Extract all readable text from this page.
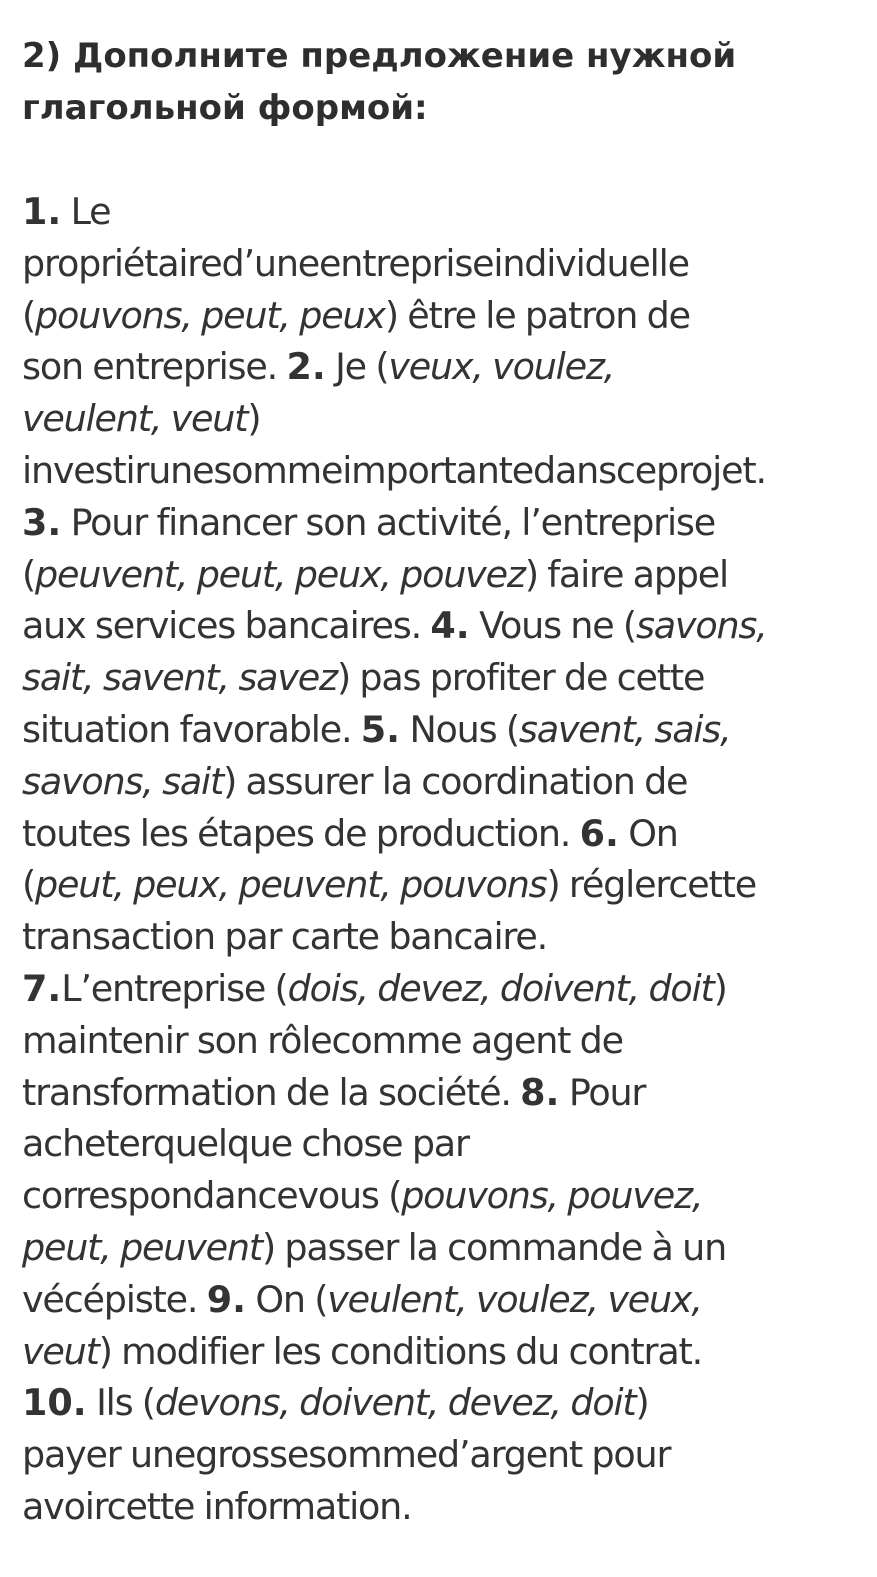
2) Дополните предложение нужной
глагольной формой:
1. Le
propriétaired’uneentrepriseindividuelle
(pouvons, peut, peux) être le patron de
son entreprise. 2. Je (veux, voulez,
veulent, veut)
investirunesommeimportantedansceprojet.
3. Pour financer son activité, l’entreprise
(peuvent, peut, peux, pouvez) faire appel
aux services bancaires. 4. Vous ne (savons,
sait, savent, savez) pas profiter de cette
situation favorable. 5. Nous (savent, sais,
savons, sait) assurer la coordination de
toutes les étapes de production. 6. On
(peut, peux, peuvent, pouvons) réglercette
transaction par carte bancaire.
7.L’entreprise (dois, devez, doivent, doit)
maintenir son rôlecomme agent de
transformation de la société. 8. Pour
acheterquelque chose par
correspondancevous (pouvons, pouvez,
peut, peuvent) passer la commande à un
vécépiste. 9. On (veulent, voulez, veux,
veut) modifier les conditions du contrat.
10. Ils (devons, doivent, devez, doit)
payer unegrossesommed’argent pour
avoircette information.
